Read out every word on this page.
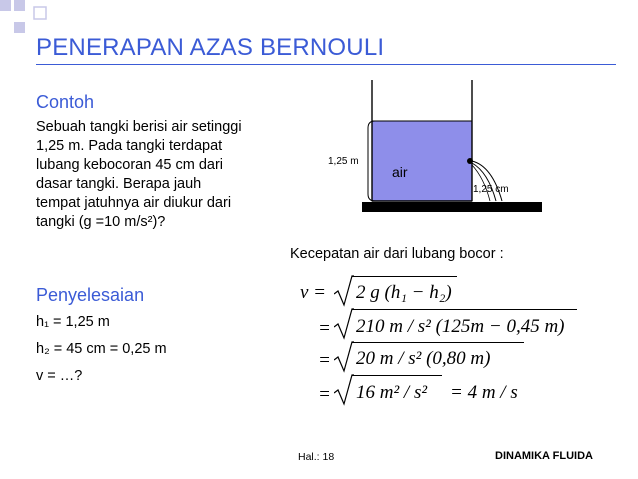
PENERAPAN AZAS BERNOULI
Contoh
Sebuah tangki berisi air setinggi
1,25 m. Pada tangki terdapat
lubang kebocoran 45 cm dari
dasar tangki. Berapa jauh
tempat jatuhnya air diukur dari
tangki (g =10 m/s²)?
air
1,25 m
1,25 cm
Kecepatan air dari lubang bocor :
Penyelesaian
h₁ = 1,25 m
h₂ = 45 cm = 0,25 m
v = …?
v = 2 g (h₁ − h₂)
= 210 m / s² (125m − 0,45 m)
= 20 m / s² (0,80 m)
= 16 m² / s² = 4 m / s
Hal.: 18	DINAMIKA FLUIDA
